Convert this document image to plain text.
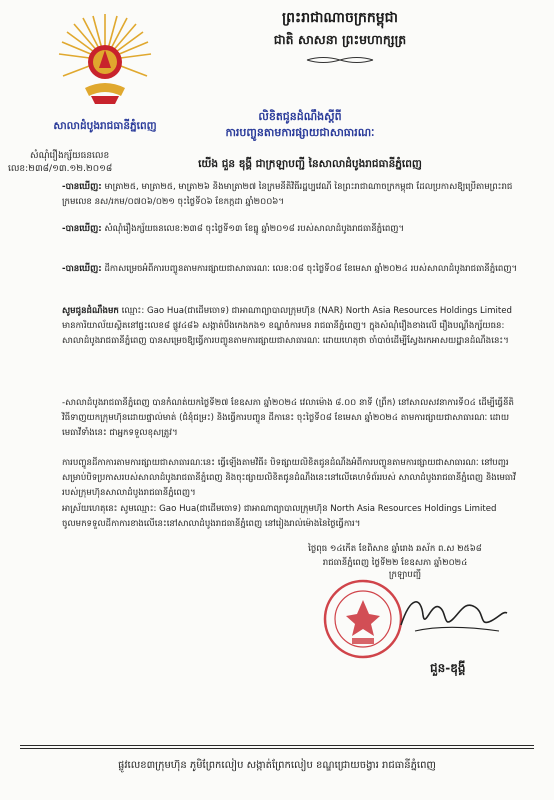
ព្រះរាជាណាចក្រកម្ពុជា
ជាតិ សាសនា ព្រះមហាក្សត្រ
សាលាដំបូងរាជធានីភ្នំពេញ
សំណុំរឿងក្ស័យធនលេខ
លេខ:២៣៨/១៣.១២.២០១៨
លិខិតជូនដំណឹងស្ដីពី
ការបញ្ចូនតាមការផ្សាយជាសាធារណៈ
យើង ជួន ឌុង្គី ជាក្រឡាបញ្ជី នៃសាលាដំបូងរាជធានីភ្នំពេញ
-បានឃើញ: មាត្រា២៥, មាត្រា២៥, មាត្រា២៦ និងមាត្រា២៧ នៃក្រមនីតិវិធីរដ្ឋប្បវេណី នៃព្រះរាជាណាចក្រកម្ពុជា ដែលប្រកាសឱ្យប្រើតាមព្រះរាជក្រមលេខ នស/រកម/០៧០៦/០២១ ចុះថ្ងៃទី០៦ ខែកក្កដា ឆ្នាំ២០០៦។
-បានឃើញ: សំណុំរឿងក្ស័យធនលេខ:២៣៨ ចុះថ្ងៃទី១៣ ខែធ្នូ ឆ្នាំ២០១៨ របស់សាលាដំបូងរាជធានីភ្នំពេញ។
-បានឃើញ: ដីកាសម្រេចអំពីការបញ្ចូនតាមការផ្សាយជាសាធារណៈ លេខ:០៨ ចុះថ្ងៃទី០៨ ខែមេសា ឆ្នាំ២០២៤ របស់សាលាដំបូងរាជធានីភ្នំពេញ។
សូមជូនដំណឹងមក ឈ្មោះ: Gao Hua(ជាដើមចោទ) ជាអាណាព្យាបាលក្រុមហ៊ុន (NAR) North Asia Resources Holdings Limited មានការិយាល័យស្ថិតនៅផ្ទះលេខ៨ ផ្លូវ៤៨៦ សង្កាត់បឹងកេងកង១ ខណ្ឌចំការមន រាជធានីភ្នំពេញ។ ក្នុងសំណុំរឿងខាងលើ រឿងបណ្ដឹងក្ស័យធន: សាលាដំបូងរាជធានីភ្នំពេញ បានសម្រេចឱ្យធ្វើការបញ្ចូនតាមការផ្សាយជាសាធារណៈ ដោយហេតុថា ចាំបាច់ដើម្បីស្វែងរកអាសយដ្ឋានដំណឹងនេះ។
-សាលាដំបូងរាជធានីភ្នំពេញ បានកំណត់យកថ្ងៃទី២៧ ខែឧសភា ឆ្នាំ២០២៤ វេលាម៉ោង ៨.០០ នាទី (ព្រឹក) នៅសាលសវនាការទី០៤ ដើម្បីធ្វើនីតិវិធីទាញយកក្រុមហ៊ុនដោយផ្ទាល់មាត់ (ជំនុំជម្រះ) និងធ្វើការបញ្ចូន ដីកានេះ ចុះថ្ងៃទី០៨ ខែមេសា ឆ្នាំ២០២៤ តាមការផ្សាយជាសាធារណៈ ដោយមេធាវីទាំងនេះ ជាអ្នកទទួលខុសត្រូវ។
ការបញ្ចូនដីកាការតាមការផ្សាយជាសាធារណៈនេះ ធ្វើឡើងតាមវិធី៖ បិទផ្សាយលិខិតជូនដំណឹងអំពីការបញ្ចូនតាមការផ្សាយជាសាធារណៈ នៅបញ្ជរសម្រាប់បិទប្រកាសរបស់សាលាដំបូងរាជធានីភ្នំពេញ និងចុះផ្សាយលិខិតជូនដំណឹងនេះនៅលើគេហទំព័ររបស់ សាលាដំបូងរាជធានីភ្នំពេញ និងមេធាវីរបស់ក្រុមហ៊ុនសាលាដំបូងរាជធានីភ្នំពេញ។
អាស្រ័យហេតុនេះ សូមឈ្មោះ: Gao Hua(ជាដើមចោទ) ជាអាណាព្យាបាលក្រុមហ៊ុន North Asia Resources Holdings Limited ចូលមកទទួលដីកាការខាងលើនេះនៅសាលាដំបូងរាជធានីភ្នំពេញ នៅរៀងរាល់ម៉ោងនៃថ្ងៃធ្វើការ។
ថ្ងៃពុធ ១៤កើត ខែពិសាខ ឆ្នាំរោង ឆស័ក ព.ស ២៥៦៨
រាជធានីភ្នំពេញ ថ្ងៃទី២២ ខែឧសភា ឆ្នាំ២០២៤
ក្រឡាបញ្ជី
ជួន-ឌុង្គី
ផ្លូវលេខ៣ក្រុមហ៊ុន ភូមិព្រែកលៀប សង្កាត់ព្រែកលៀប ខណ្ឌជ្រោយចង្វារ រាជធានីភ្នំពេញ
